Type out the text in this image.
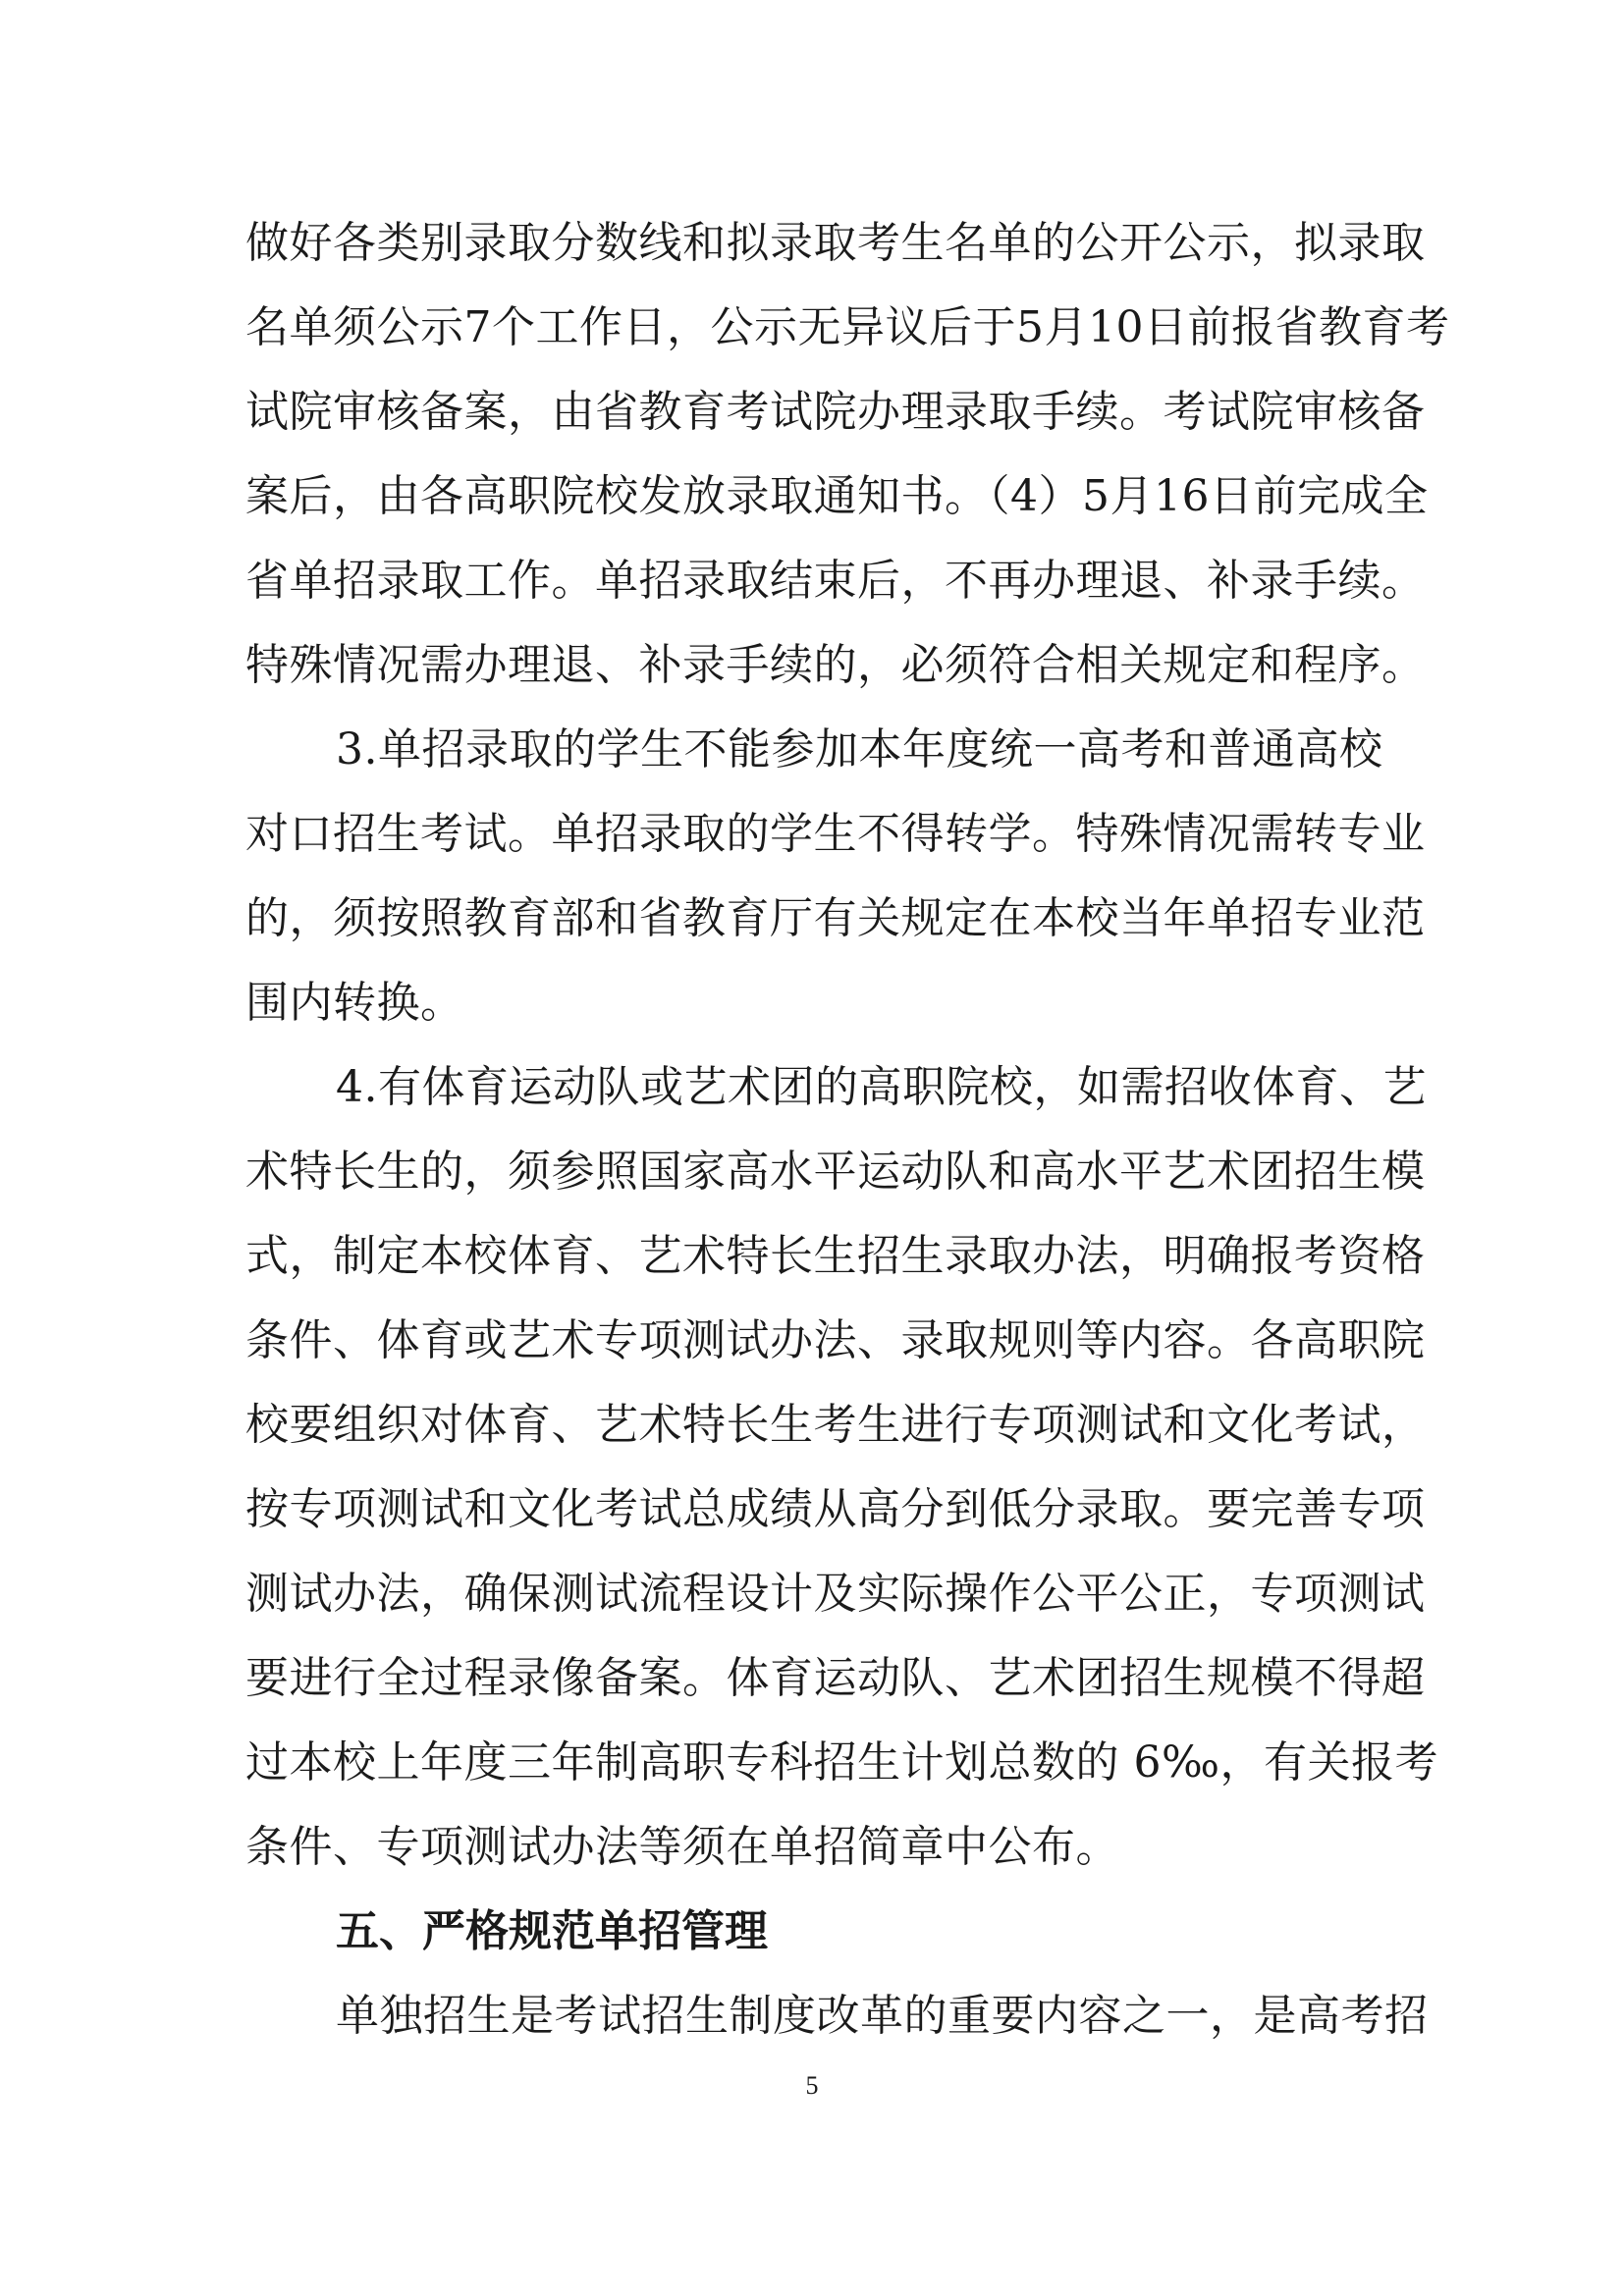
做好各类别录取分数线和拟录取考生名单的公开公示，拟录取
名单须公示7个工作日，公示无异议后于5月10日前报省教育考
试院审核备案，由省教育考试院办理录取手续。考试院审核备
案后，由各高职院校发放录取通知书。（4）5月16日前完成全
省单招录取工作。单招录取结束后，不再办理退、补录手续。
特殊情况需办理退、补录手续的，必须符合相关规定和程序。
3.单招录取的学生不能参加本年度统一高考和普通高校
对口招生考试。单招录取的学生不得转学。特殊情况需转专业
的，须按照教育部和省教育厅有关规定在本校当年单招专业范
围内转换。
4.有体育运动队或艺术团的高职院校，如需招收体育、艺
术特长生的，须参照国家高水平运动队和高水平艺术团招生模
式，制定本校体育、艺术特长生招生录取办法，明确报考资格
条件、体育或艺术专项测试办法、录取规则等内容。各高职院
校要组织对体育、艺术特长生考生进行专项测试和文化考试，
按专项测试和文化考试总成绩从高分到低分录取。要完善专项
测试办法，确保测试流程设计及实际操作公平公正，专项测试
要进行全过程录像备案。体育运动队、艺术团招生规模不得超
过本校上年度三年制高职专科招生计划总数的 6‰，有关报考
条件、专项测试办法等须在单招简章中公布。
五、严格规范单招管理
单独招生是考试招生制度改革的重要内容之一，是高考招
5
